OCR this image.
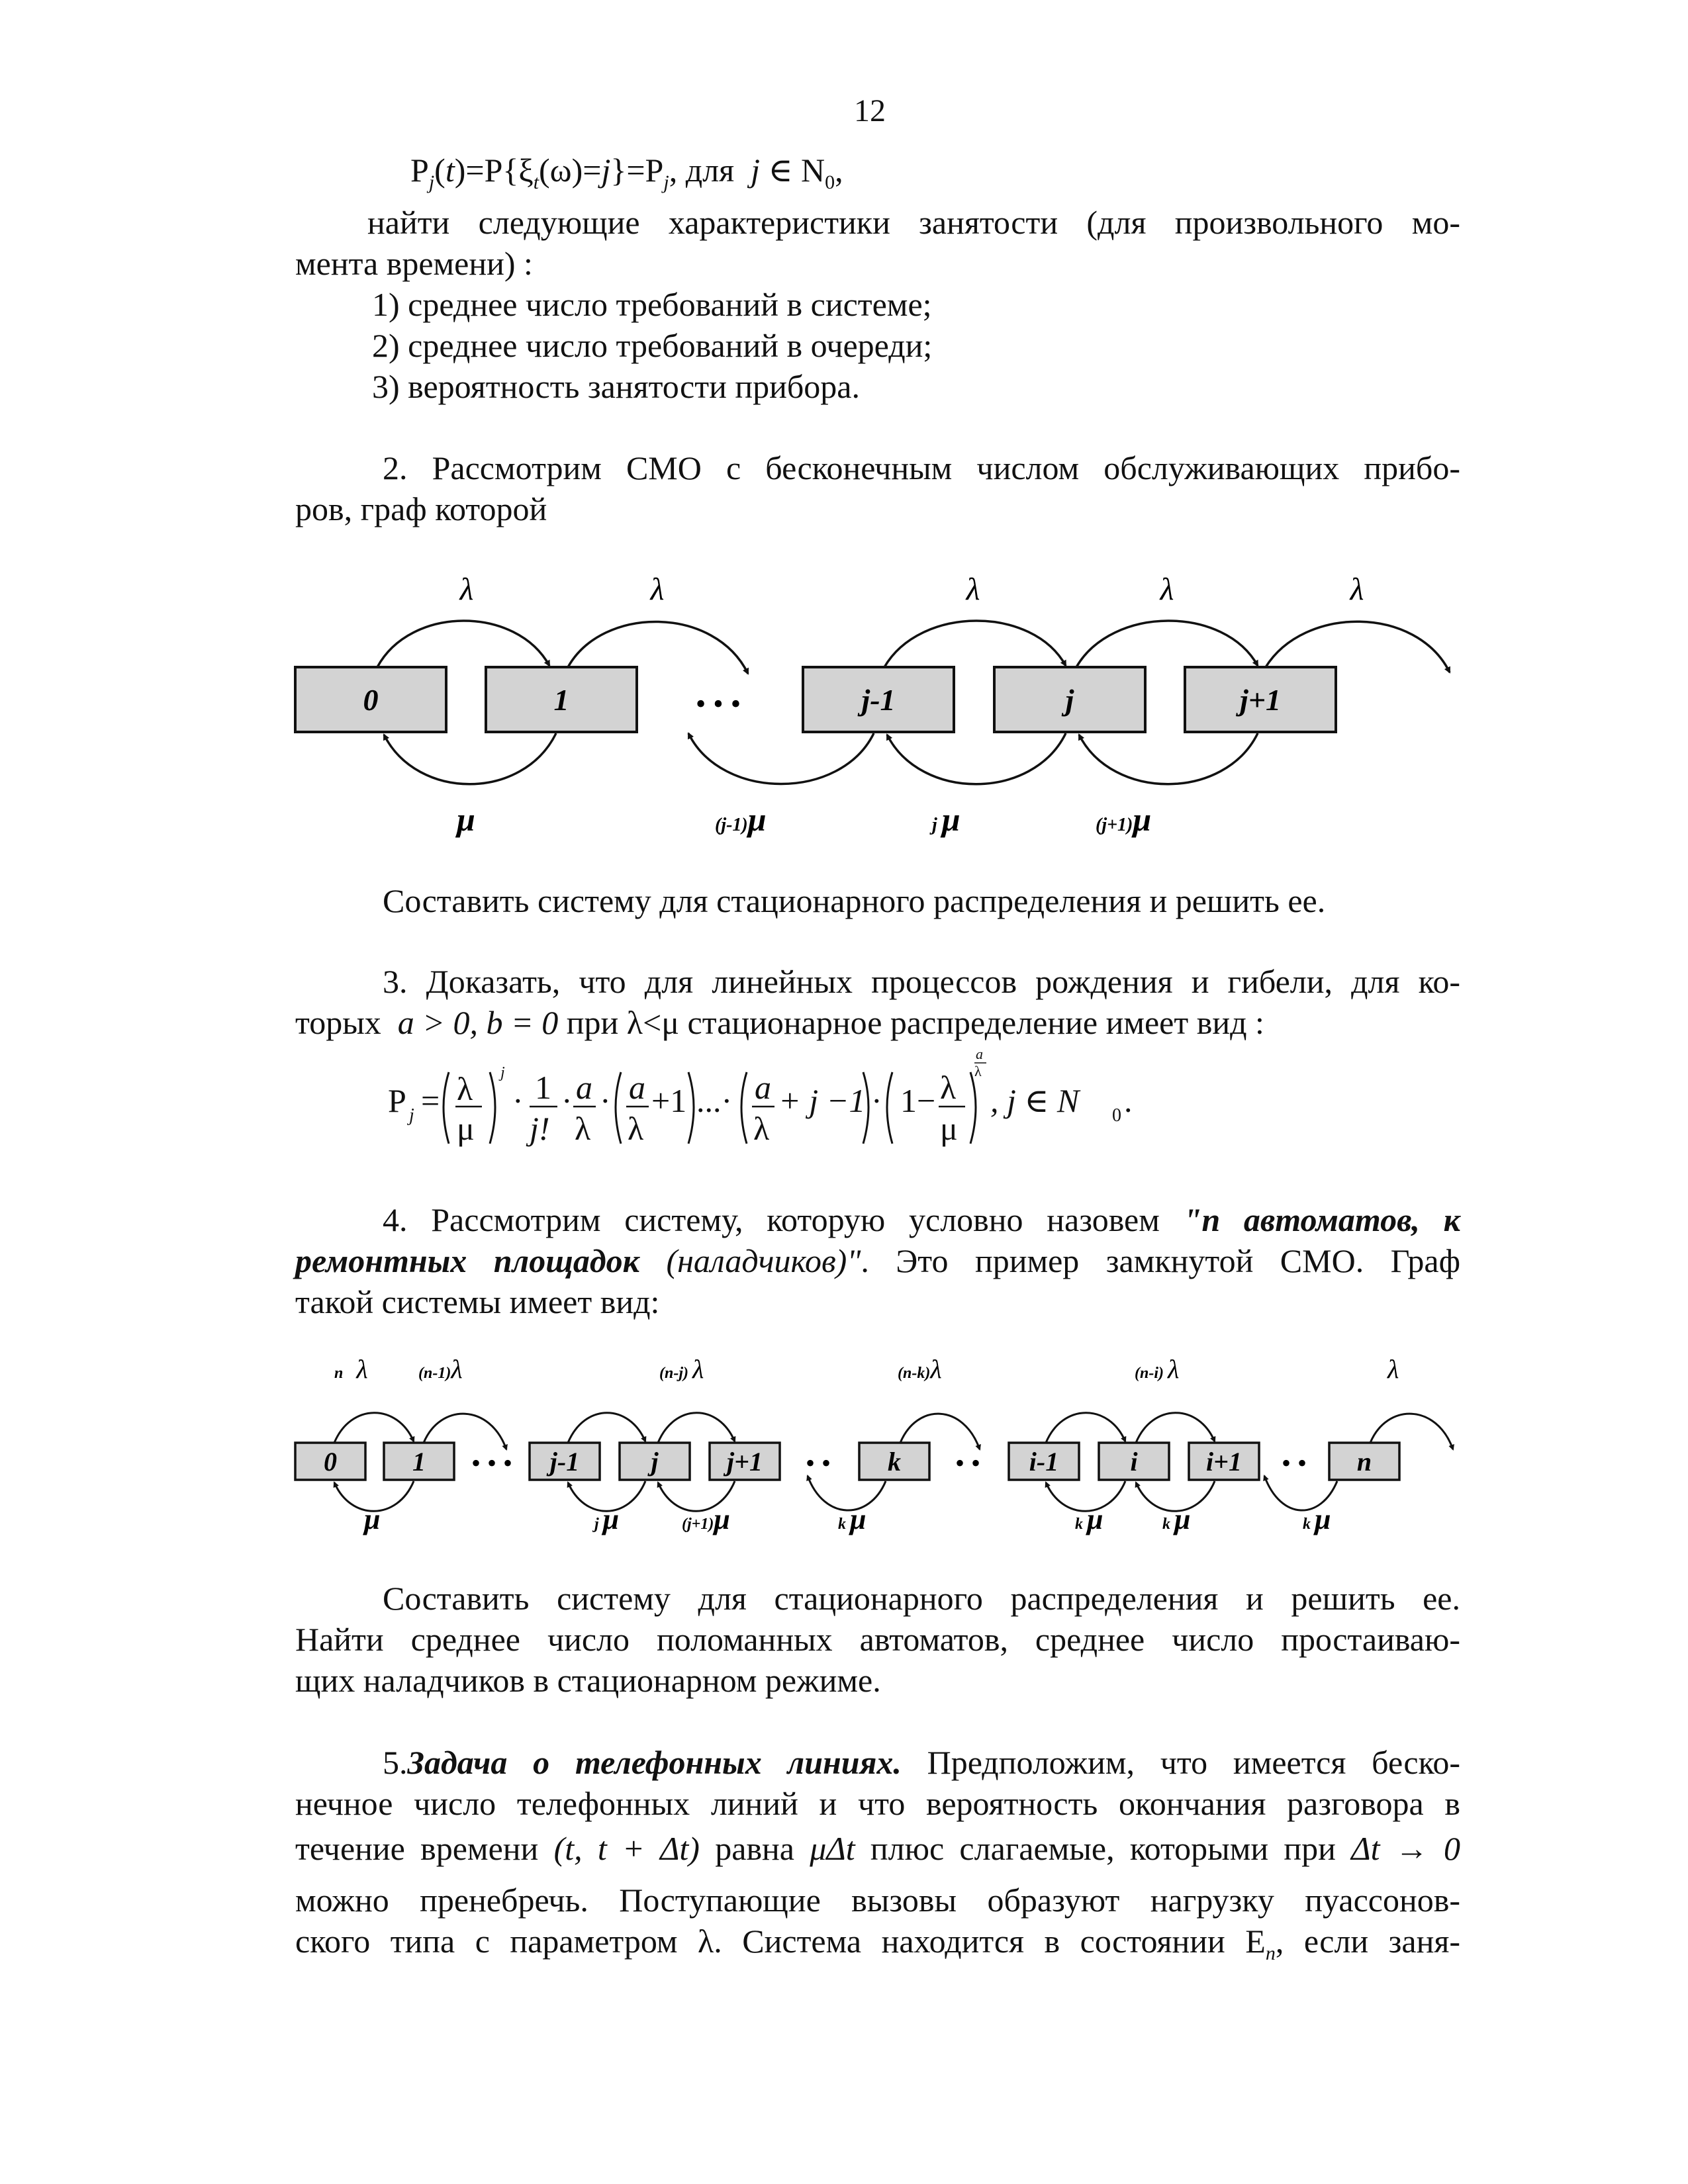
12
$P_j(t)=P\{\xi_t(\omega)=j\}=P_j$, для j ∈ $N_0$,
найти следующие характеристики занятости (для произвольного мо-
мента времени) :
1) среднее число требований в системе;
2) среднее число требований в очереди;
3) вероятность занятости прибора.
2. Рассмотрим СМО с бесконечным числом обслуживающих прибо-
ров, граф которой
0	1	j-1	j	j+1
• • •
λ	λ	λ	λ	λ
μ	(j-1)μ	j μ	(j+1)μ
Составить систему для стационарного распределения и решить ее.
3. Доказать, что для линейных процессов рождения и гибели, для ко-
торых  a > 0, b = 0 при λ<μ стационарное распределение имеет вид :
P j = λ
μ
j
· 1
j!
· a
λ
· a
λ
+1 ...· a
λ
+ j −1 · 1− λ
μ
a
λ
, j ∈ N 0 .
4. Рассмотрим систему, которую условно назовем "n автоматов, к
ремонтных площадок (наладчиков)". Это пример замкнутой СМО. Граф
такой системы имеет вид:
0	1	j-1	j	j+1	k	i-1	i	i+1	n
• • •	• •	• •	• •
n λ	(n-1)λ	(n-j) λ	(n-k)λ	(n-i) λ	λ
μ	j μ	(j+1)μ	k μ	k μ	k μ	k μ
Составить систему для стационарного распределения и решить ее.
Найти среднее число поломанных автоматов, среднее число простаиваю-
щих наладчиков в стационарном режиме.
5.Задача о телефонных линиях. Предположим, что имеется беско-
нечное число телефонных линий и что вероятность окончания разговора в
течение времени (t, t + Δt) равна μΔt плюс слагаемые, которыми при Δt → 0
можно пренебречь. Поступающие вызовы образуют нагрузку пуассонов-
ского типа с параметром λ. Система находится в состоянии $E_n$, если заня-
